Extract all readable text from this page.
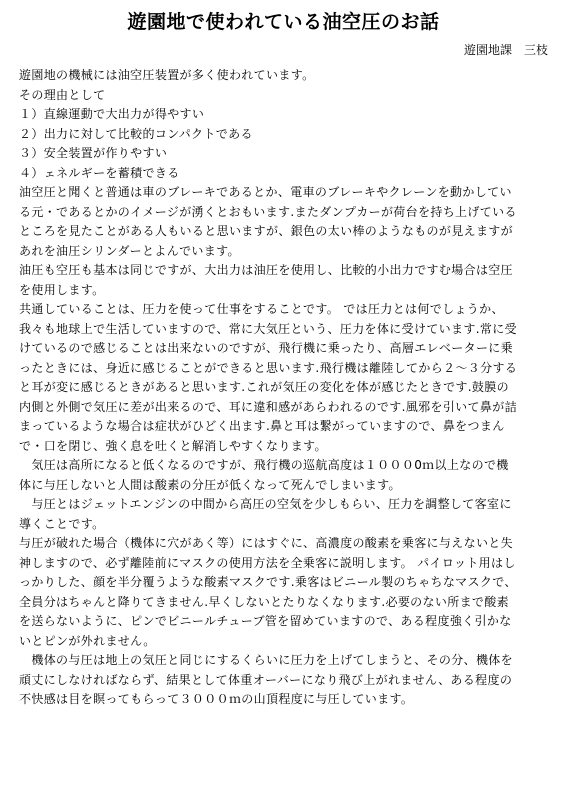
遊園地で使われている油空圧のお話
遊園地課　三枝
遊園地の機械には油空圧装置が多く使われています。
その理由として
１）直線運動で大出力が得やすい
２）出力に対して比較的コンパクトである
３）安全装置が作りやすい
４）ェネルギーを蓄積できる
油空圧と聞くと普通は車のブレーキであるとか、電車のブレーキやクレーンを動かしてい
る元・であるとかのイメージが湧くとおもいます.またダンプカーが荷台を持ち上げている
ところを見たことがある人もいると思いますが、銀色の太い棒のようなものが見えますが
あれを油圧シリンダーとよんでいます。
油圧も空圧も基本は同じですが、大出力は油圧を使用し、比較的小出力ですむ場合は空圧
を使用します。
共通していることは、圧力を使って仕事をすることです。 では圧力とは何でしょうか、
我々も地球上で生活していますので、常に大気圧という、圧力を体に受けています.常に受
けているので感じることは出来ないのですが、飛行機に乗ったり、高層エレベーターに乗
ったときには、身近に感じることができると思います.飛行機は離陸してから２～３分する
と耳が変に感じるときがあると思います.これが気圧の変化を体が感じたときです.鼓膜の
内側と外側で気圧に差が出来るので、耳に違和感があらわれるのです.風邪を引いて鼻が詰
まっているような場合は症状がひどく出ます.鼻と耳は繋がっていますので、鼻をつまん
で・口を閉じ、強く息を吐くと解消しやすくなります。
　気圧は高所になると低くなるのですが、飛行機の巡航高度は１０００0ｍ以上なので機
体に与圧しないと人間は酸素の分圧が低くなって死んでしまいます。
　与圧とはジェットエンジンの中間から高圧の空気を少しもらい、圧力を調整して客室に
導くことです。
与圧が破れた場合（機体に穴があく等）にはすぐに、高濃度の酸素を乗客に与えないと失
神しますので、必ず離陸前にマスクの使用方法を全乗客に説明します。 パイロット用はし
っかりした、顔を半分覆うような酸素マスクです.乗客はビニール製のちゃちなマスクで、
全員分はちゃんと降りてきません.早くしないとたりなくなります.必要のない所まで酸素
を送らないように、ピンでビニールチューブ管を留めていますので、ある程度強く引かな
いとピンが外れません。
　機体の与圧は地上の気圧と同じにするくらいに圧力を上げてしまうと、その分、機体を
頑丈にしなければならず、結果として体重オーバーになり飛び上がれません、ある程度の
不快感は目を瞑ってもらって３０００ｍの山頂程度に与圧しています。
